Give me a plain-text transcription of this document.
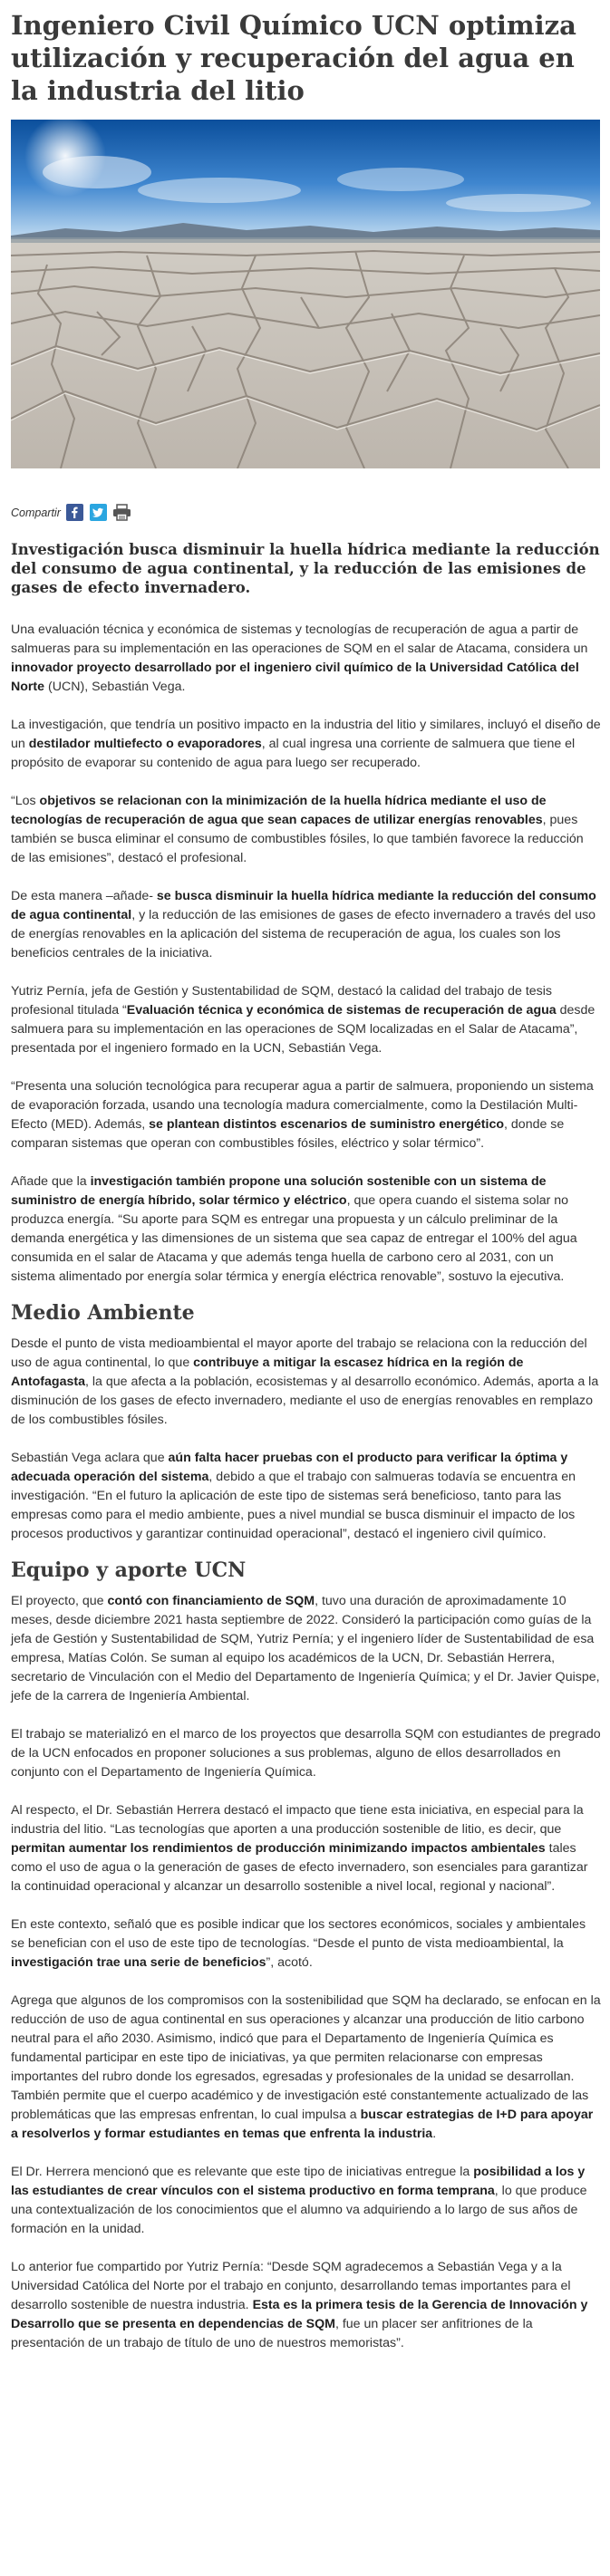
Ingeniero Civil Químico UCN optimiza utilización y recuperación del agua en la industria del litio
Compartir

Investigación busca disminuir la huella hídrica mediante la reducción del consumo de agua continental, y la reducción de las emisiones de gases de efecto invernadero.

Una evaluación técnica y económica de sistemas y tecnologías de recuperación de agua a partir de salmueras para su implementación en las operaciones de SQM en el salar de Atacama, considera un innovador proyecto desarrollado por el ingeniero civil químico de la Universidad Católica del Norte (UCN), Sebastián Vega.

La investigación, que tendría un positivo impacto en la industria del litio y similares, incluyó el diseño de un destilador multiefecto o evaporadores, al cual ingresa una corriente de salmuera que tiene el propósito de evaporar su contenido de agua para luego ser recuperado.

“Los objetivos se relacionan con la minimización de la huella hídrica mediante el uso de tecnologías de recuperación de agua que sean capaces de utilizar energías renovables, pues también se busca eliminar el consumo de combustibles fósiles, lo que también favorece la reducción de las emisiones”, destacó el profesional.

De esta manera –añade- se busca disminuir la huella hídrica mediante la reducción del consumo de agua continental, y la reducción de las emisiones de gases de efecto invernadero a través del uso de energías renovables en la aplicación del sistema de recuperación de agua, los cuales son los beneficios centrales de la iniciativa.

Yutriz Pernía, jefa de Gestión y Sustentabilidad de SQM, destacó la calidad del trabajo de tesis profesional titulada “Evaluación técnica y económica de sistemas de recuperación de agua desde salmuera para su implementación en las operaciones de SQM localizadas en el Salar de Atacama”, presentada por el ingeniero formado en la UCN, Sebastián Vega.

“Presenta una solución tecnológica para recuperar agua a partir de salmuera, proponiendo un sistema de evaporación forzada, usando una tecnología madura comercialmente, como la Destilación Multi-Efecto (MED). Además, se plantean distintos escenarios de suministro energético, donde se comparan sistemas que operan con combustibles fósiles, eléctrico y solar térmico”.

Añade que la investigación también propone una solución sostenible con un sistema de suministro de energía híbrido, solar térmico y eléctrico, que opera cuando el sistema solar no produzca energía. “Su aporte para SQM es entregar una propuesta y un cálculo preliminar de la demanda energética y las dimensiones de un sistema que sea capaz de entregar el 100% del agua consumida en el salar de Atacama y que además tenga huella de carbono cero al 2031, con un sistema alimentado por energía solar térmica y energía eléctrica renovable”, sostuvo la ejecutiva.

Medio Ambiente

Desde el punto de vista medioambiental el mayor aporte del trabajo se relaciona con la reducción del uso de agua continental, lo que contribuye a mitigar la escasez hídrica en la región de Antofagasta, la que afecta a la población, ecosistemas y al desarrollo económico. Además, aporta a la disminución de los gases de efecto invernadero, mediante el uso de energías renovables en remplazo de los combustibles fósiles.

Sebastián Vega aclara que aún falta hacer pruebas con el producto para verificar la óptima y adecuada operación del sistema, debido a que el trabajo con salmueras todavía se encuentra en investigación. “En el futuro la aplicación de este tipo de sistemas será beneficioso, tanto para las empresas como para el medio ambiente, pues a nivel mundial se busca disminuir el impacto de los procesos productivos y garantizar continuidad operacional”, destacó el ingeniero civil químico.

Equipo y aporte UCN

El proyecto, que contó con financiamiento de SQM, tuvo una duración de aproximadamente 10 meses, desde diciembre 2021 hasta septiembre de 2022. Consideró la participación como guías de la jefa de Gestión y Sustentabilidad de SQM, Yutriz Pernía; y el ingeniero líder de Sustentabilidad de esa empresa, Matías Colón. Se suman al equipo los académicos de la UCN, Dr. Sebastián Herrera, secretario de Vinculación con el Medio del Departamento de Ingeniería Química; y el Dr. Javier Quispe, jefe de la carrera de Ingeniería Ambiental.

El trabajo se materializó en el marco de los proyectos que desarrolla SQM con estudiantes de pregrado de la UCN enfocados en proponer soluciones a sus problemas, alguno de ellos desarrollados en conjunto con el Departamento de Ingeniería Química.

Al respecto, el Dr. Sebastián Herrera destacó el impacto que tiene esta iniciativa, en especial para la industria del litio. “Las tecnologías que aporten a una producción sostenible de litio, es decir, que permitan aumentar los rendimientos de producción minimizando impactos ambientales tales como el uso de agua o la generación de gases de efecto invernadero, son esenciales para garantizar la continuidad operacional y alcanzar un desarrollo sostenible a nivel local, regional y nacional”.

En este contexto, señaló que es posible indicar que los sectores económicos, sociales y ambientales se benefician con el uso de este tipo de tecnologías. “Desde el punto de vista medioambiental, la investigación trae una serie de beneficios”, acotó.

Agrega que algunos de los compromisos con la sostenibilidad que SQM ha declarado, se enfocan en la reducción de uso de agua continental en sus operaciones y alcanzar una producción de litio carbono neutral para el año 2030. Asimismo, indicó que para el Departamento de Ingeniería Química es fundamental participar en este tipo de iniciativas, ya que permiten relacionarse con empresas importantes del rubro donde los egresados, egresadas y profesionales de la unidad se desarrollan. También permite que el cuerpo académico y de investigación esté constantemente actualizado de las problemáticas que las empresas enfrentan, lo cual impulsa a buscar estrategias de I+D para apoyar a resolverlos y formar estudiantes en temas que enfrenta la industria.

El Dr. Herrera mencionó que es relevante que este tipo de iniciativas entregue la posibilidad a los y las estudiantes de crear vínculos con el sistema productivo en forma temprana, lo que produce una contextualización de los conocimientos que el alumno va adquiriendo a lo largo de sus años de formación en la unidad.

Lo anterior fue compartido por Yutriz Pernía: “Desde SQM agradecemos a Sebastián Vega y a la Universidad Católica del Norte por el trabajo en conjunto, desarrollando temas importantes para el desarrollo sostenible de nuestra industria. Esta es la primera tesis de la Gerencia de Innovación y Desarrollo que se presenta en dependencias de SQM, fue un placer ser anfitriones de la presentación de un trabajo de título de uno de nuestros memoristas”.
